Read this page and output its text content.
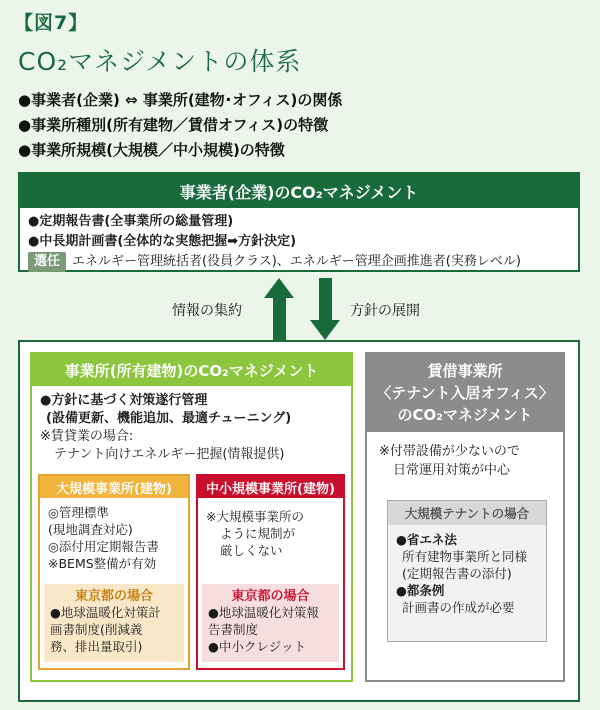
【図7】
CO₂マネジメントの体系
●事業者(企業) ⇔ 事業所(建物･オフィス)の関係
●事業所種別(所有建物／賃借オフィス)の特徴
●事業所規模(大規模／中小規模)の特徴
事業者(企業)のCO₂マネジメント
●定期報告書(全事業所の総量管理)
●中長期計画書(全体的な実態把握➡方針決定)
選任 エネルギー管理統括者(役員クラス)、エネルギー管理企画推進者(実務レベル)
情報の集約	方針の展開
事業所(所有建物)のCO₂マネジメント
●方針に基づく対策遂行管理
(設備更新、機能追加、最適チューニング)
※賃貸業の場合:
テナント向けエネルギー把握(情報提供)
大規模事業所(建物)
◎管理標準
(現地調査対応)
◎添付用定期報告書
※BEMS整備が有効
東京都の場合
●地球温暖化対策計
画書制度(削減義
務、排出量取引)
中小規模事業所(建物)
※大規模事業所の
ように規制が
厳しくない
東京都の場合
●地球温暖化対策報
告書制度
●中小クレジット
賃借事業所
〈テナント入居オフィス〉
のCO₂マネジメント
※付帯設備が少ないので
日常運用対策が中心
大規模テナントの場合
●省エネ法
所有建物事業所と同様
(定期報告書の添付)
●都条例
計画書の作成が必要
